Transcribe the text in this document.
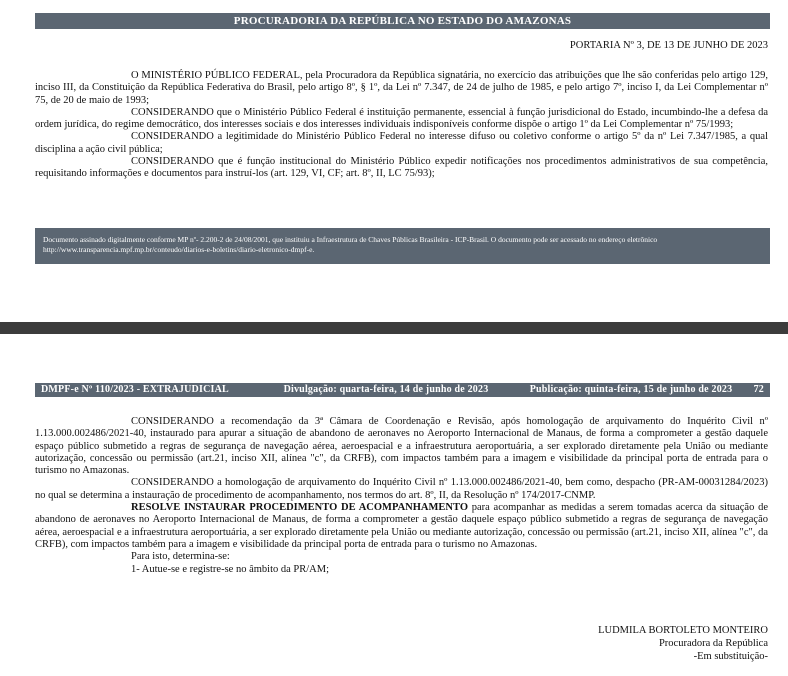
PROCURADORIA DA REPÚBLICA NO ESTADO DO AMAZONAS
PORTARIA Nº 3, DE 13 DE JUNHO DE 2023

O MINISTÉRIO PÚBLICO FEDERAL, pela Procuradora da República signatária, no exercício das atribuições que lhe são conferidas pelo artigo 129, inciso III, da Constituição da República Federativa do Brasil, pelo artigo 8º, § 1º, da Lei nº 7.347, de 24 de julho de 1985, e pelo artigo 7º, inciso I, da Lei Complementar nº 75, de 20 de maio de 1993;

CONSIDERANDO que o Ministério Público Federal é instituição permanente, essencial à função jurisdicional do Estado, incumbindo-lhe a defesa da ordem jurídica, do regime democrático, dos interesses sociais e dos interesses individuais indisponíveis conforme dispõe o artigo 1º da Lei Complementar nº 75/1993;

CONSIDERANDO a legitimidade do Ministério Público Federal no interesse difuso ou coletivo conforme o artigo 5º da nº Lei 7.347/1985, a qual disciplina a ação civil pública;

CONSIDERANDO que é função institucional do Ministério Público expedir notificações nos procedimentos administrativos de sua competência, requisitando informações e documentos para instruí-los (art. 129, VI, CF; art. 8º, II, LC 75/93);

Documento assinado digitalmente conforme MP nº- 2.200-2 de 24/08/2001, que instituiu a Infraestrutura de Chaves Públicas Brasileira - ICP-Brasil. O documento pode ser acessado no endereço eletrônico http://www.transparencia.mpf.mp.br/conteudo/diarios-e-boletins/diario-eletronico-dmpf-e.
DMPF-e Nº 110/2023 - EXTRAJUDICIAL	Divulgação: quarta-feira, 14 de junho de 2023	Publicação: quinta-feira, 15 de junho de 2023	72

CONSIDERANDO a recomendação da 3ª Câmara de Coordenação e Revisão, após homologação de arquivamento do Inquérito Civil nº 1.13.000.002486/2021-40, instaurado para apurar a situação de abandono de aeronaves no Aeroporto Internacional de Manaus, de forma a comprometer a gestão daquele espaço público submetido a regras de segurança de navegação aérea, aeroespacial e a infraestrutura aeroportuária, a ser explorado diretamente pela União ou mediante autorização, concessão ou permissão (art.21, inciso XII, alínea "c", da CRFB), com impactos também para a imagem e visibilidade da principal porta de entrada para o turismo no Amazonas.

CONSIDERANDO a homologação de arquivamento do Inquérito Civil nº 1.13.000.002486/2021-40, bem como, despacho (PR-AM-00031284/2023) no qual se determina a instauração de procedimento de acompanhamento, nos termos do art. 8º, II, da Resolução nº 174/2017-CNMP.

RESOLVE INSTAURAR PROCEDIMENTO DE ACOMPANHAMENTO para acompanhar as medidas a serem tomadas acerca da situação de abandono de aeronaves no Aeroporto Internacional de Manaus, de forma a comprometer a gestão daquele espaço público submetido a regras de segurança de navegação aérea, aeroespacial e a infraestrutura aeroportuária, a ser explorado diretamente pela União ou mediante autorização, concessão ou permissão (art.21, inciso XII, alínea "c", da CRFB), com impactos também para a imagem e visibilidade da principal porta de entrada para o turismo no Amazonas.

Para isto, determina-se:

1- Autue-se e registre-se no âmbito da PR/AM;

LUDMILA BORTOLETO MONTEIRO
Procuradora da República
-Em substituição-
